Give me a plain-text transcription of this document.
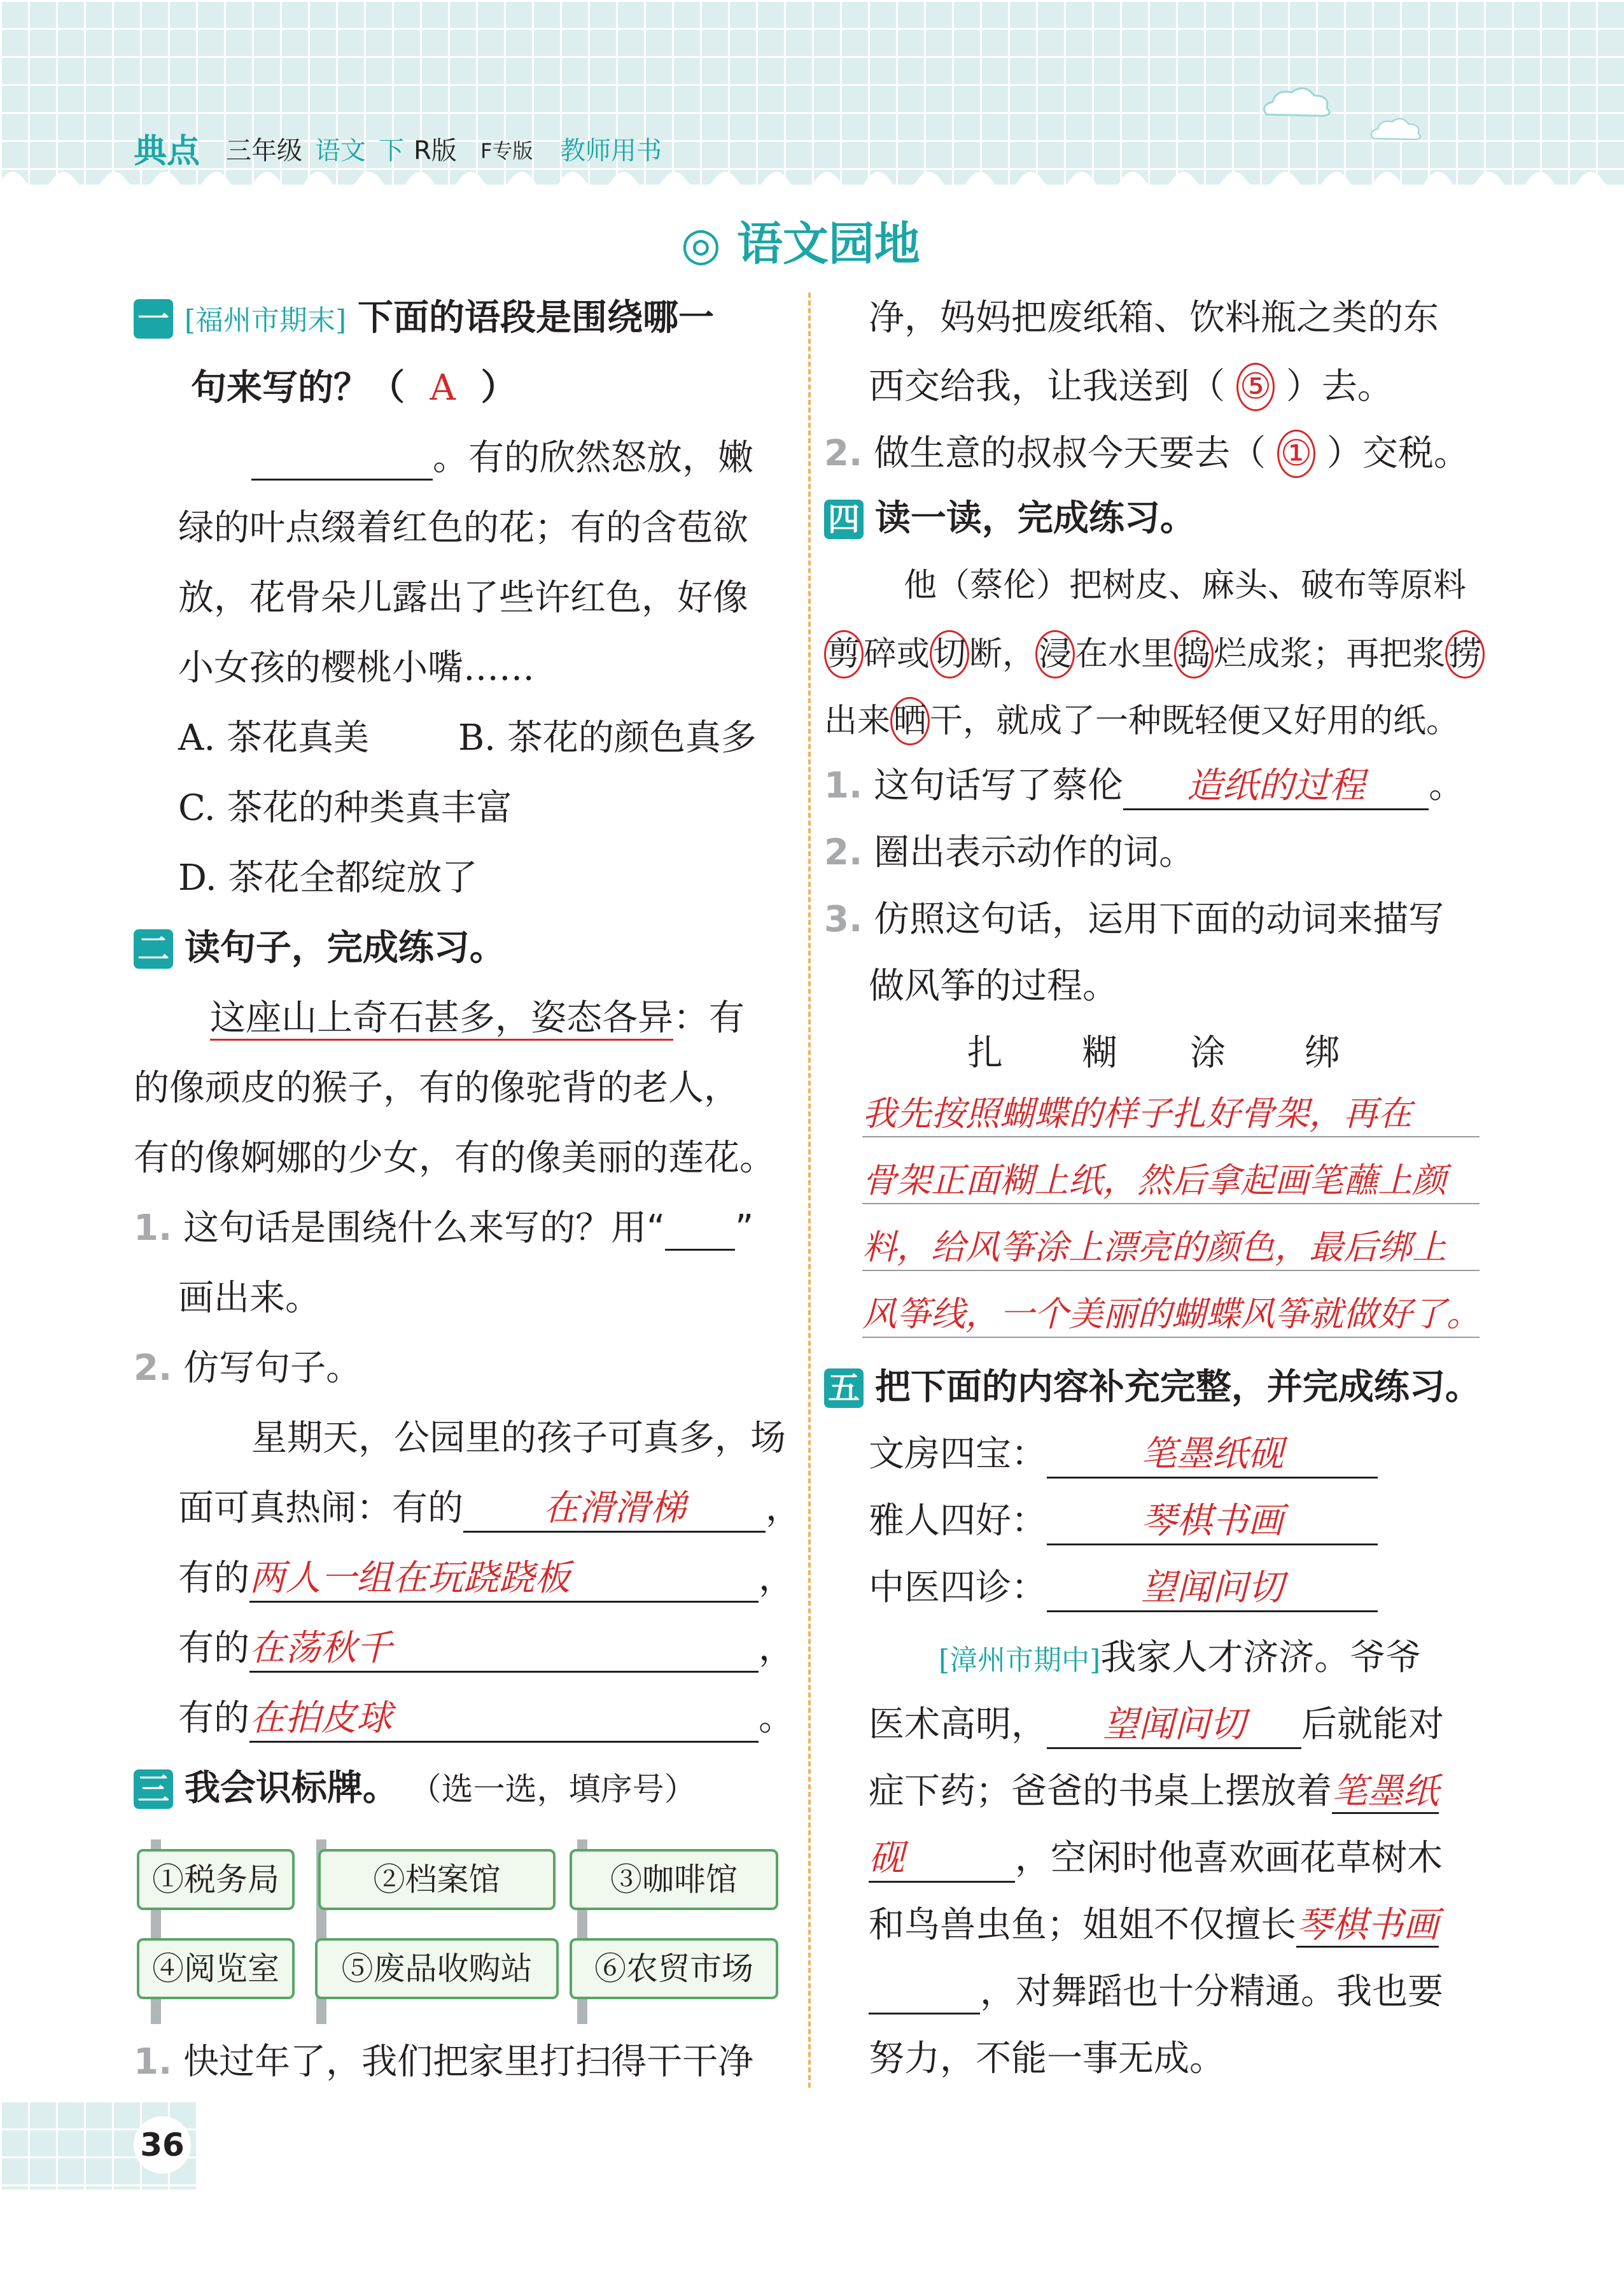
典点 三年级 语文 下 R版 F专版 教师用书
◎ 语文园地
一 [福州市期末] 下面的语段是围绕哪一
句来写的？（ A ）
。有的欣然怒放，嫩
绿的叶点缀着红色的花；有的含苞欲
放，花骨朵儿露出了些许红色，好像
小女孩的樱桃小嘴……
A. 茶花真美 B. 茶花的颜色真多
C. 茶花的种类真丰富
D. 茶花全都绽放了
二 读句子，完成练习。
这座山上奇石甚多，姿态各异：有
的像顽皮的猴子，有的像驼背的老人，
有的像婀娜的少女，有的像美丽的莲花。
1. 这句话是围绕什么来写的？用“ ”
画出来。
2. 仿写句子。
星期天，公园里的孩子可真多，场
面可真热闹：有的 在滑滑梯 ，
有的两人一组在玩跷跷板	，
有的在荡秋千	，
有的在拍皮球	。
三 我会识标牌。 （选一选，填序号）
①税务局	②档案馆	③咖啡馆
④阅览室	⑤废品收购站	⑥农贸市场
1. 快过年了，我们把家里打扫得干干净
净，妈妈把废纸箱、饮料瓶之类的东
西交给我，让我送到（ ⑤ ）去。
2. 做生意的叔叔今天要去（ ① ）交税。
四 读一读，完成练习。
他（蔡伦）把树皮、麻头、破布等原料
剪碎或切断，浸在水里捣烂成浆；再把浆捞
出来晒干，就成了一种既轻便又好用的纸。
1. 这句话写了蔡伦 造纸的过程 。
2. 圈出表示动作的词。
3. 仿照这句话，运用下面的动词来描写
做风筝的过程。
扎 糊 涂 绑
我先按照蝴蝶的样子扎好骨架，再在
骨架正面糊上纸，然后拿起画笔蘸上颜
料，给风筝涂上漂亮的颜色，最后绑上
风筝线，一个美丽的蝴蝶风筝就做好了。
五 把下面的内容补充完整，并完成练习。
文房四宝：	笔墨纸砚
雅人四好：	琴棋书画
中医四诊：	望闻问切
[漳州市期中]我家人才济济。爷爷
医术高明， 望闻问切 后就能对
症下药；爸爸的书桌上摆放着笔墨纸
砚	，空闲时他喜欢画花草树木
和鸟兽虫鱼；姐姐不仅擅长琴棋书画
，对舞蹈也十分精通。我也要
努力，不能一事无成。
36
